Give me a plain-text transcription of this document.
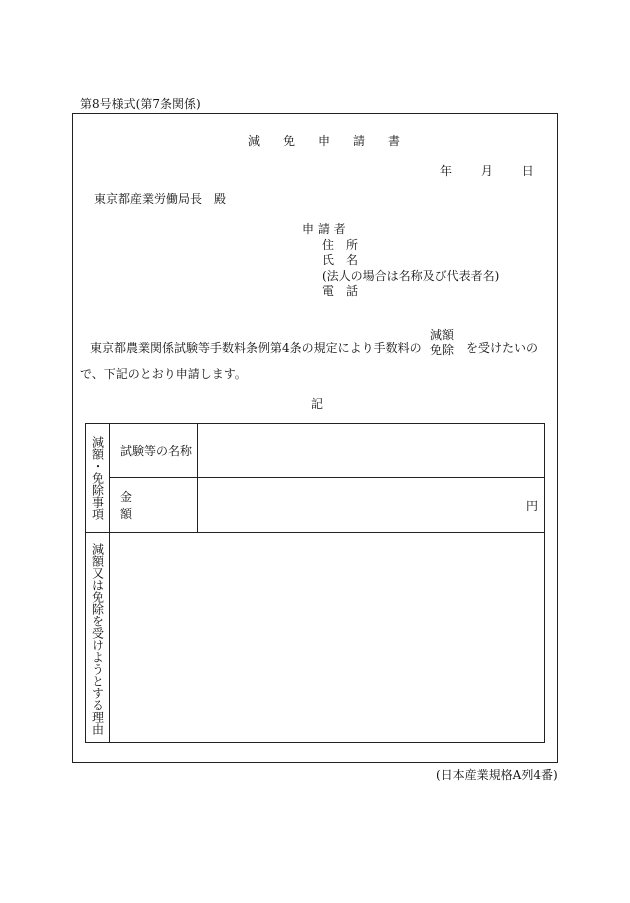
第8号様式(第7条関係)
減免申請書
年 月 日
東京都産業労働局長　殿
申 請 者
住　所
氏　名
(法人の場合は名称及び代表者名)
電　話
東京都農業関係試験等手数料条例第4条の規定により手数料の
減額
免除 を受けたいの
で、下記のとおり申請します。
記
減額・免除事項	試験等の名称	
	金額	円

減額又は免除を受けようとする理由		

(日本産業規格A列4番)
